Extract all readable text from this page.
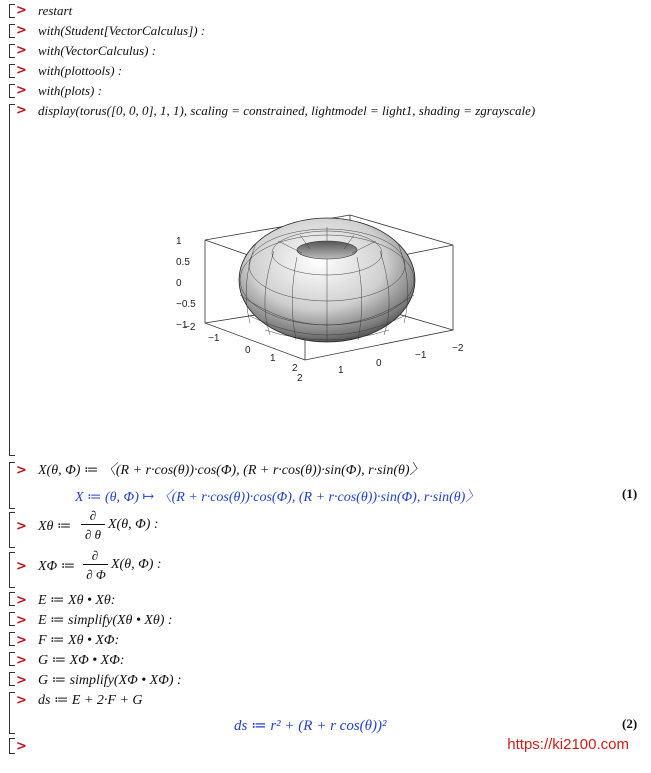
> restart
> with(Student[VectorCalculus]) :
> with(VectorCalculus) :
> with(plottools) :
> with(plots) :
> display(torus([0, 0, 0], 1, 1), scaling = constrained, lightmodel = light1, shading = zgrayscale)
1
0.5
0
−0.5
−1
−2
−1
0
1
2
2
1
0
−1
−2
> X(θ, Φ) ≔ 〈(R + r·cos(θ))·cos(Φ), (R + r·cos(θ))·sin(Φ), r·sin(θ)〉
X ≔ (θ, Φ) ↦ 〈(R + r·cos(θ))·cos(Φ), (R + r·cos(θ))·sin(Φ), r·sin(θ)〉	(1)
> Xθ ≔
∂
∂ θ
X(θ, Φ) :
> XΦ ≔
∂
∂ Φ
X(θ, Φ) :
> E ≔ Xθ • Xθ:
> E ≔ simplify(Xθ • Xθ) :
> F ≔ Xθ • XΦ:
> G ≔ XΦ • XΦ:
> G ≔ simplify(XΦ • XΦ) :
> ds ≔ E + 2·F + G
ds ≔ r² + (R + r cos(θ))²	(2)
>	https://ki2100.com
